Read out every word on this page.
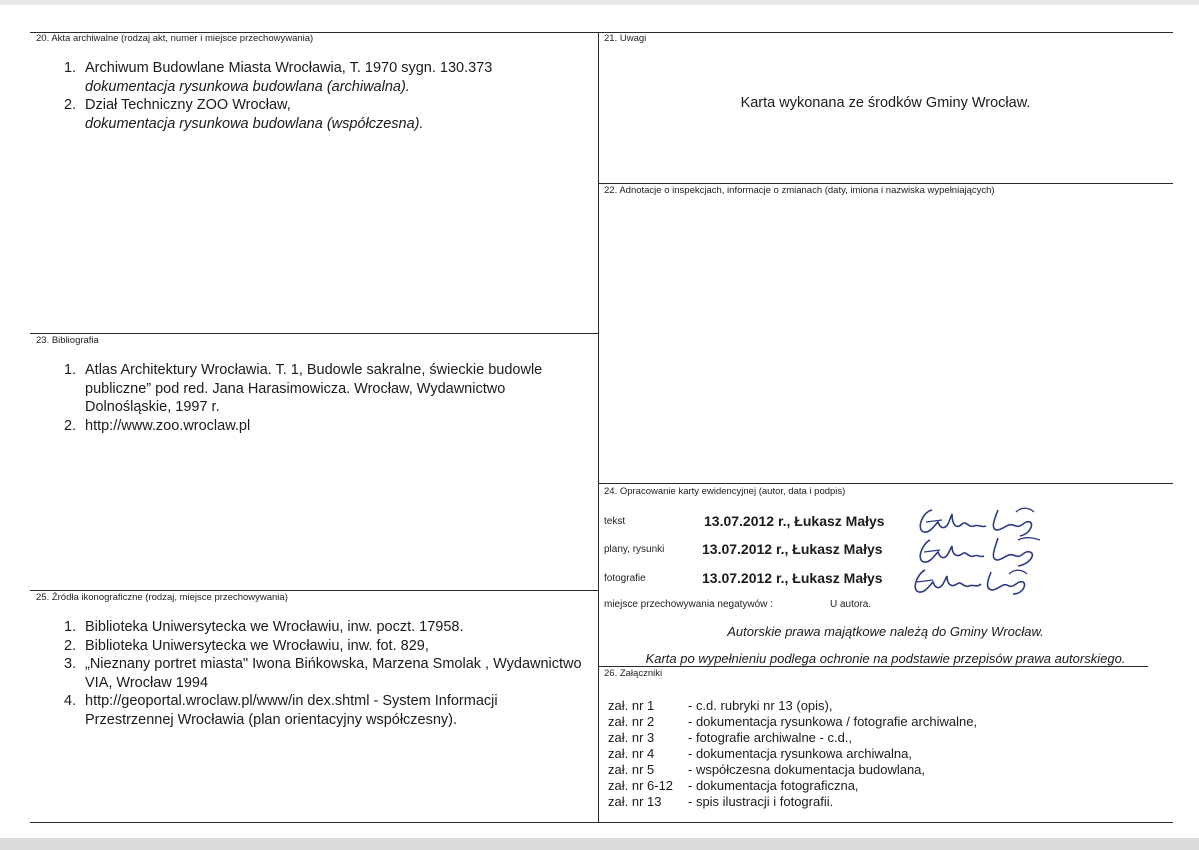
20. Akta archiwalne (rodzaj akt, numer i miejsce przechowywania)
1. Archiwum Budowlane Miasta Wrocławia, T. 1970 sygn. 130.373
dokumentacja rysunkowa budowlana (archiwalna).
2. Dział Techniczny ZOO Wrocław,
dokumentacja rysunkowa budowlana (współczesna).
21. Uwagi
Karta wykonana ze środków Gminy Wrocław.
22. Adnotacje o inspekcjach, informacje o zmianach (daty, imiona i nazwiska wypełniających)
23. Bibliografia
1. Atlas Architektury Wrocławia. T. 1, Budowle sakralne, świeckie budowle publiczne” pod red. Jana Harasimowicza. Wrocław, Wydawnictwo Dolnośląskie, 1997 r.
2. http://www.zoo.wroclaw.pl
24. Opracowanie karty ewidencyjnej (autor, data i podpis)
tekst	13.07.2012 r., Łukasz Małys
plany, rysunki	13.07.2012 r., Łukasz Małys
fotografie	13.07.2012 r., Łukasz Małys
miejsce przechowywania negatywów :	U autora.
Autorskie prawa majątkowe należą do Gminy Wrocław.
Karta po wypełnieniu podlega ochronie na podstawie przepisów prawa autorskiego.
25. Źródła ikonograficzne (rodzaj, miejsce przechowywania)
1. Biblioteka Uniwersytecka we Wrocławiu, inw. poczt. 17958.
2. Biblioteka Uniwersytecka we Wrocławiu, inw. fot. 829,
3. „Nieznany portret miasta" Iwona Bińkowska, Marzena Smolak , Wydawnictwo VIA, Wrocław 1994
4. http://geoportal.wroclaw.pl/www/in dex.shtml - System Informacji Przestrzennej Wrocławia (plan orientacyjny współczesny).
26. Załączniki
zał. nr 1	- c.d. rubryki nr 13 (opis),
zał. nr 2	- dokumentacja rysunkowa / fotografie archiwalne,
zał. nr 3	- fotografie archiwalne - c.d.,
zał. nr 4	- dokumentacja rysunkowa archiwalna,
zał. nr 5	- współczesna dokumentacja budowlana,
zał. nr 6-12	- dokumentacja fotograficzna,
zał. nr 13	- spis ilustracji i fotografii.
